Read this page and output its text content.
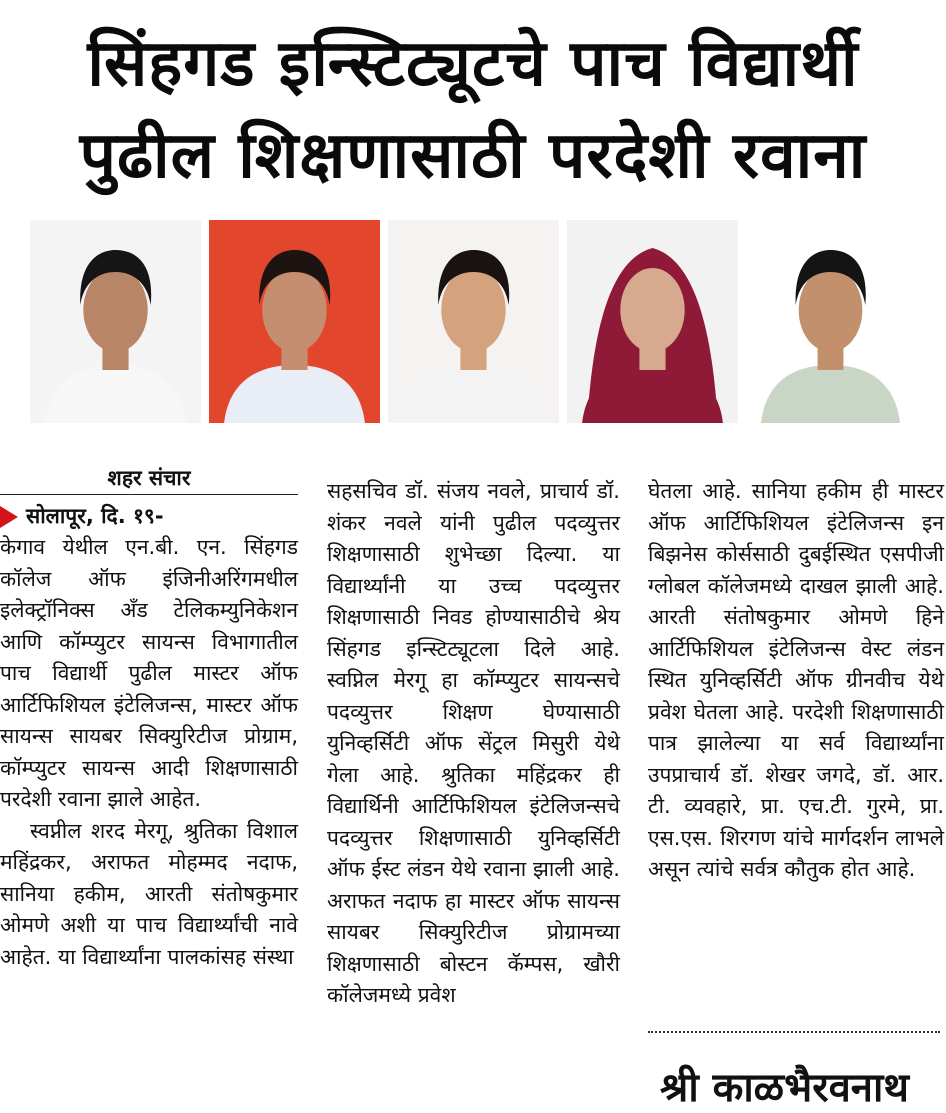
सिंहगड इन्स्टिट्यूटचे पाच विद्यार्थी
पुढील शिक्षणासाठी परदेशी रवाना
शहर संचार
सोलापूर, दि. १९-

केगाव येथील एन.बी. एन. सिंहगड कॉलेज ऑफ इंजिनीअरिंगमधील इलेक्ट्रॉनिक्स अँड टेलिकम्युनिकेशन आणि कॉम्प्युटर सायन्स विभागातील पाच विद्यार्थी पुढील मास्टर ऑफ आर्टिफिशियल इंटेलिजन्स, मास्टर ऑफ सायन्स सायबर सिक्युरिटीज प्रोग्राम, कॉम्प्युटर सायन्स आदी शिक्षणासाठी परदेशी रवाना झाले आहेत.

स्वप्नील शरद मेरगू, श्रुतिका विशाल महिंद्रकर, अराफत मोहम्मद नदाफ, सानिया हकीम, आरती संतोषकुमार ओमणे अशी या पाच विद्यार्थ्यांची नावे आहेत. या विद्यार्थ्यांना पालकांसह संस्था

सहसचिव डॉ. संजय नवले, प्राचार्य डॉ. शंकर नवले यांनी पुढील पदव्युत्तर शिक्षणासाठी शुभेच्छा दिल्या. या विद्यार्थ्यांनी या उच्च पदव्युत्तर शिक्षणासाठी निवड होण्यासाठीचे श्रेय सिंहगड इन्स्टिट्यूटला दिले आहे. स्वप्निल मेरगू हा कॉम्प्युटर सायन्सचे पदव्युत्तर शिक्षण घेण्यासाठी युनिव्हर्सिटी ऑफ सेंट्रल मिसुरी येथे गेला आहे. श्रुतिका महिंद्रकर ही विद्यार्थिनी आर्टिफिशियल इंटेलिजन्सचे पदव्युत्तर शिक्षणासाठी युनिव्हर्सिटी ऑफ ईस्ट लंडन येथे रवाना झाली आहे. अराफत नदाफ हा मास्टर ऑफ सायन्स सायबर सिक्युरिटीज प्रोग्रामच्या शिक्षणासाठी बोस्टन कॅम्पस, खौरी कॉलेजमध्ये प्रवेश

घेतला आहे. सानिया हकीम ही मास्टर ऑफ आर्टिफिशियल इंटेलिजन्स इन बिझनेस कोर्ससाठी दुबईस्थित एसपीजी ग्लोबल कॉलेजमध्ये दाखल झाली आहे. आरती संतोषकुमार ओमणे हिने आर्टिफिशियल इंटेलिजन्स वेस्ट लंडन स्थित युनिव्हर्सिटी ऑफ ग्रीनवीच येथे प्रवेश घेतला आहे. परदेशी शिक्षणासाठी पात्र झालेल्या या सर्व विद्यार्थ्यांना उपप्राचार्य डॉ. शेखर जगदे, डॉ. आर. टी. व्यवहारे, प्रा. एच.टी. गुरमे, प्रा. एस.एस. शिरगण यांचे मार्गदर्शन लाभले असून त्यांचे सर्वत्र कौतुक होत आहे.

श्री काळभैरवनाथ
